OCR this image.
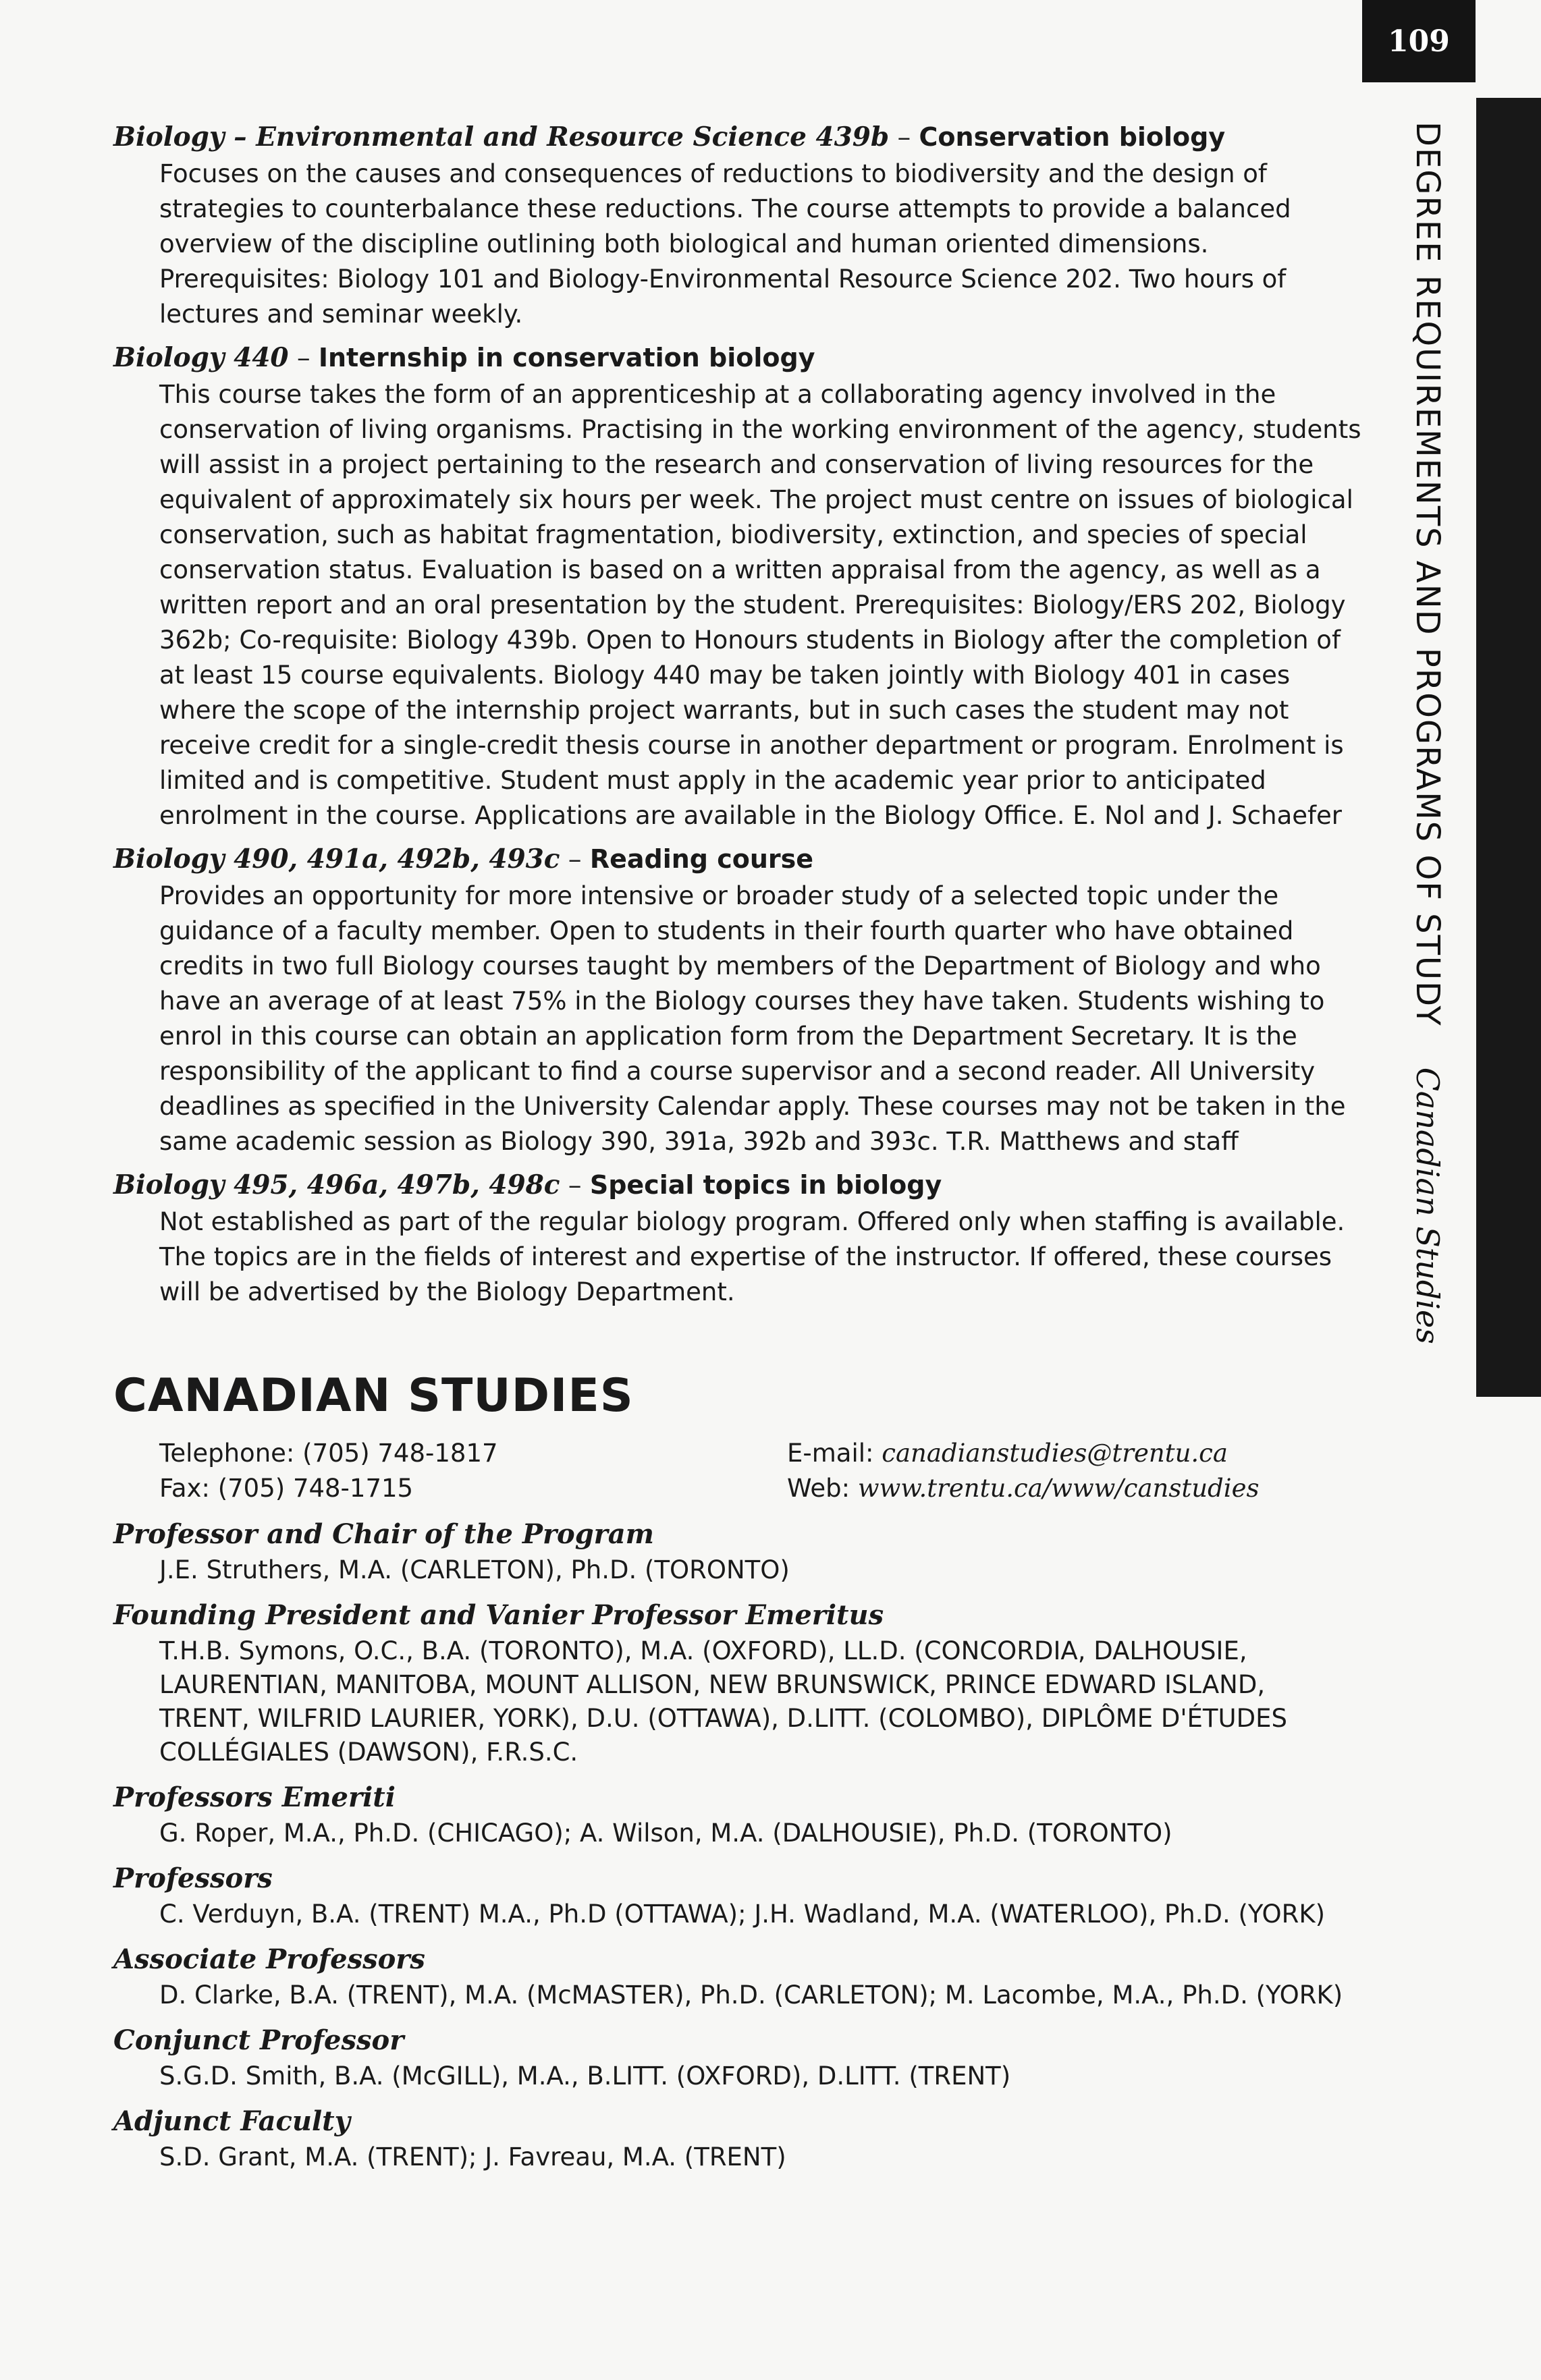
109
DEGREE REQUIREMENTS AND PROGRAMS OF STUDY
Canadian Studies
Biology – Environmental and Resource Science 439b – Conservation biology
Focuses on the causes and consequences of reductions to biodiversity and the design of strategies to counterbalance these reductions. The course attempts to provide a balanced overview of the discipline outlining both biological and human oriented dimensions. Prerequisites: Biology 101 and Biology-Environmental Resource Science 202. Two hours of lectures and seminar weekly.
Biology 440 – Internship in conservation biology
This course takes the form of an apprenticeship at a collaborating agency involved in the conservation of living organisms. Practising in the working environment of the agency, students will assist in a project pertaining to the research and conservation of living resources for the equivalent of approximately six hours per week. The project must centre on issues of biological conservation, such as habitat fragmentation, biodiversity, extinction, and species of special conservation status. Evaluation is based on a written appraisal from the agency, as well as a written report and an oral presentation by the student. Prerequisites: Biology/ERS 202, Biology 362b; Co-requisite: Biology 439b. Open to Honours students in Biology after the completion of at least 15 course equivalents. Biology 440 may be taken jointly with Biology 401 in cases where the scope of the internship project warrants, but in such cases the student may not receive credit for a single-credit thesis course in another department or program. Enrolment is limited and is competitive. Student must apply in the academic year prior to anticipated enrolment in the course. Applications are available in the Biology Office. E. Nol and J. Schaefer
Biology 490, 491a, 492b, 493c – Reading course
Provides an opportunity for more intensive or broader study of a selected topic under the guidance of a faculty member. Open to students in their fourth quarter who have obtained credits in two full Biology courses taught by members of the Department of Biology and who have an average of at least 75% in the Biology courses they have taken. Students wishing to enrol in this course can obtain an application form from the Department Secretary. It is the responsibility of the applicant to find a course supervisor and a second reader. All University deadlines as specified in the University Calendar apply. These courses may not be taken in the same academic session as Biology 390, 391a, 392b and 393c. T.R. Matthews and staff
Biology 495, 496a, 497b, 498c – Special topics in biology
Not established as part of the regular biology program. Offered only when staffing is available. The topics are in the fields of interest and expertise of the instructor. If offered, these courses will be advertised by the Biology Department.
CANADIAN STUDIES
Telephone: (705) 748-1817	E-mail: canadianstudies@trentu.ca
Fax: (705) 748-1715	Web: www.trentu.ca/www/canstudies
Professor and Chair of the Program
J.E. Struthers, M.A. (CARLETON), Ph.D. (TORONTO)
Founding President and Vanier Professor Emeritus
T.H.B. Symons, O.C., B.A. (TORONTO), M.A. (OXFORD), LL.D. (CONCORDIA, DALHOUSIE, LAURENTIAN, MANITOBA, MOUNT ALLISON, NEW BRUNSWICK, PRINCE EDWARD ISLAND, TRENT, WILFRID LAURIER, YORK), D.U. (OTTAWA), D.LITT. (COLOMBO), DIPLÔME D'ÉTUDES COLLÉGIALES (DAWSON), F.R.S.C.
Professors Emeriti
G. Roper, M.A., Ph.D. (CHICAGO); A. Wilson, M.A. (DALHOUSIE), Ph.D. (TORONTO)
Professors
C. Verduyn, B.A. (TRENT) M.A., Ph.D (OTTAWA); J.H. Wadland, M.A. (WATERLOO), Ph.D. (YORK)
Associate Professors
D. Clarke, B.A. (TRENT), M.A. (McMASTER), Ph.D. (CARLETON); M. Lacombe, M.A., Ph.D. (YORK)
Conjunct Professor
S.G.D. Smith, B.A. (McGILL), M.A., B.LITT. (OXFORD), D.LITT. (TRENT)
Adjunct Faculty
S.D. Grant, M.A. (TRENT); J. Favreau, M.A. (TRENT)
